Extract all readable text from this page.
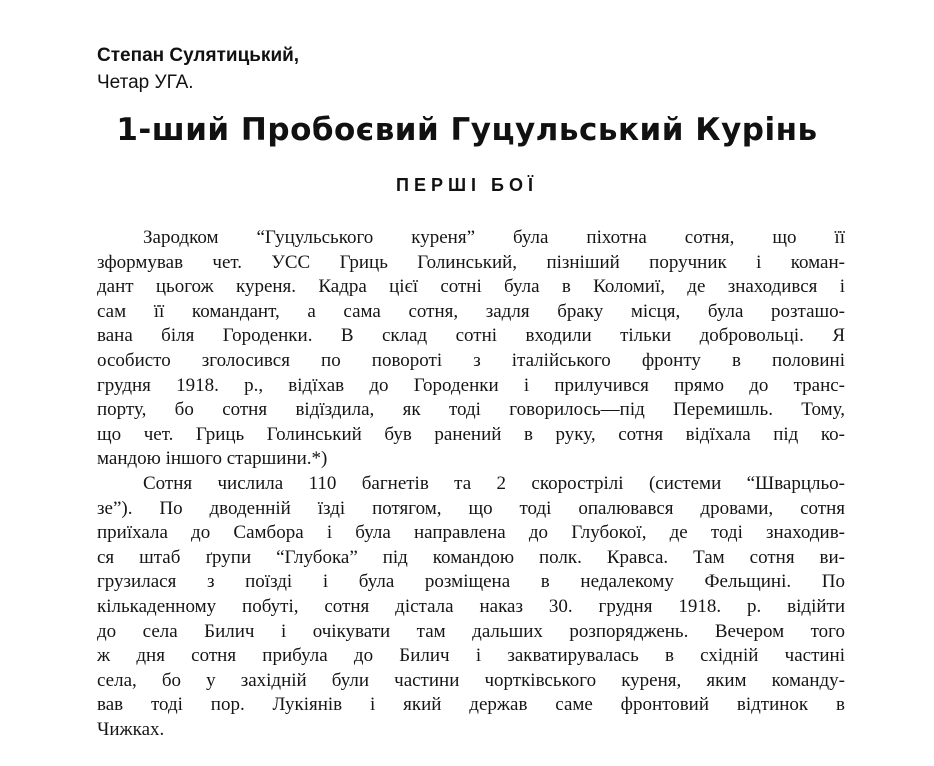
Степан Сулятицький,
Четар УГА.
1-ший Пробоєвий Гуцульський Курінь
ПЕРШІ БОЇ
Зародком “Гуцульського куреня” була піхотна сотня, що її
зформував чет. УСС Гриць Голинський, пізніший поручник і коман-
дант цьогож куреня. Кадра цієї сотні була в Коломиї, де знаходився і
сам її командант, а сама сотня, задля браку місця, була розташо-
вана біля Городенки. В склад сотні входили тільки добровольці. Я
особисто зголосився по повороті з італійського фронту в половині
грудня 1918. р., відїхав до Городенки і прилучився прямо до транс-
порту, бо сотня відїздила, як тоді говорилось—під Перемишль. Тому,
що чет. Гриць Голинський був ранений в руку, сотня відїхала під ко-
мандою іншого старшини.*)
Сотня числила 110 багнетів та 2 скорострілі (системи “Шварцльо-
зе”). По дводенній їзді потягом, що тоді опалювався дровами, сотня
приїхала до Самбора і була направлена до Глубокої, де тоді знаходив-
ся штаб ґрупи “Глубока” під командою полк. Кравса. Там сотня ви-
грузилася з поїзді і була розміщена в недалекому Фельщині. По
кількаденному побуті, сотня дістала наказ 30. грудня 1918. р. відійти
до села Билич і очікувати там дальших розпоряджень. Вечером того
ж дня сотня прибула до Билич і закватирувалась в східній частині
села, бо у західній були частини чортківського куреня, яким команду-
вав тоді пор. Лукіянів і який держав саме фронтовий відтинок в
Чижках.
